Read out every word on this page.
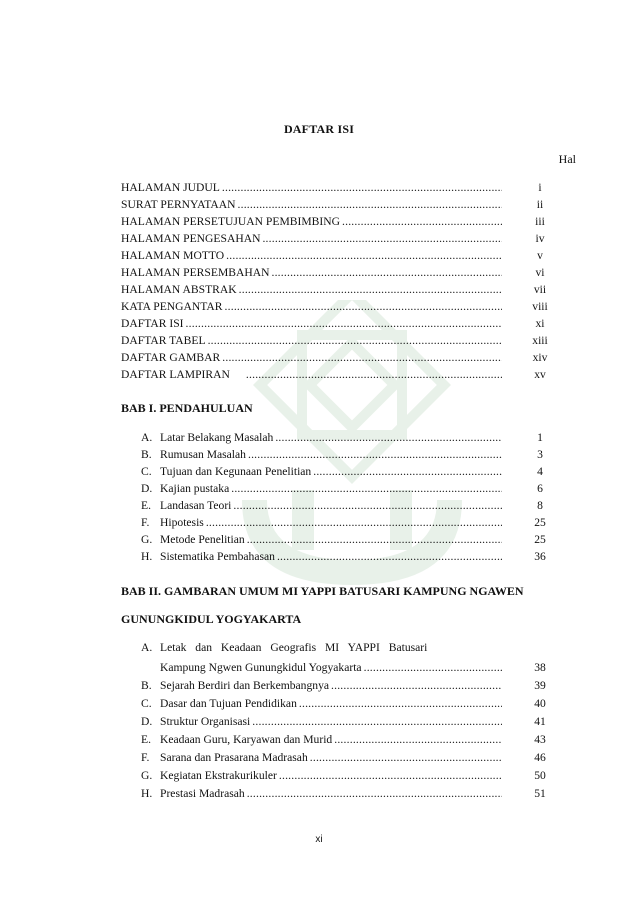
DAFTAR ISI
Hal
HALAMAN JUDUL .....	i
SURAT PERNYATAAN .....	ii
HALAMAN PERSETUJUAN PEMBIMBING .....	iii
HALAMAN PENGESAHAN .....	iv
HALAMAN MOTTO .....	v
HALAMAN PERSEMBAHAN .....	vi
HALAMAN ABSTRAK .....	vii
KATA PENGANTAR .....	viii
DAFTAR ISI .....	xi
DAFTAR TABEL .....	xiii
DAFTAR GAMBAR .....	xiv
DAFTAR LAMPIRAN .....	xv
BAB I. PENDAHULUAN
A. Latar Belakang Masalah .....	1
B. Rumusan Masalah .....	3
C. Tujuan dan Kegunaan Penelitian .....	4
D. Kajian pustaka .....	6
E. Landasan Teori .....	8
F. Hipotesis .....	25
G. Metode Penelitian .....	25
H. Sistematika Pembahasan .....	36
BAB II. GAMBARAN UMUM MI YAPPI BATUSARI KAMPUNG NGAWEN
GUNUNGKIDUL YOGYAKARTA
A. Letak dan Keadaan Geografis MI YAPPI Batusari
Kampung Ngwen Gunungkidul Yogyakarta .....	38
B. Sejarah Berdiri dan Berkembangnya .....	39
C. Dasar dan Tujuan Pendidikan .....	40
D. Struktur Organisasi .....	41
E. Keadaan Guru, Karyawan dan Murid .....	43
F. Sarana dan Prasarana Madrasah .....	46
G. Kegiatan Ekstrakurikuler .....	50
H. Prestasi Madrasah .....	51
xi
